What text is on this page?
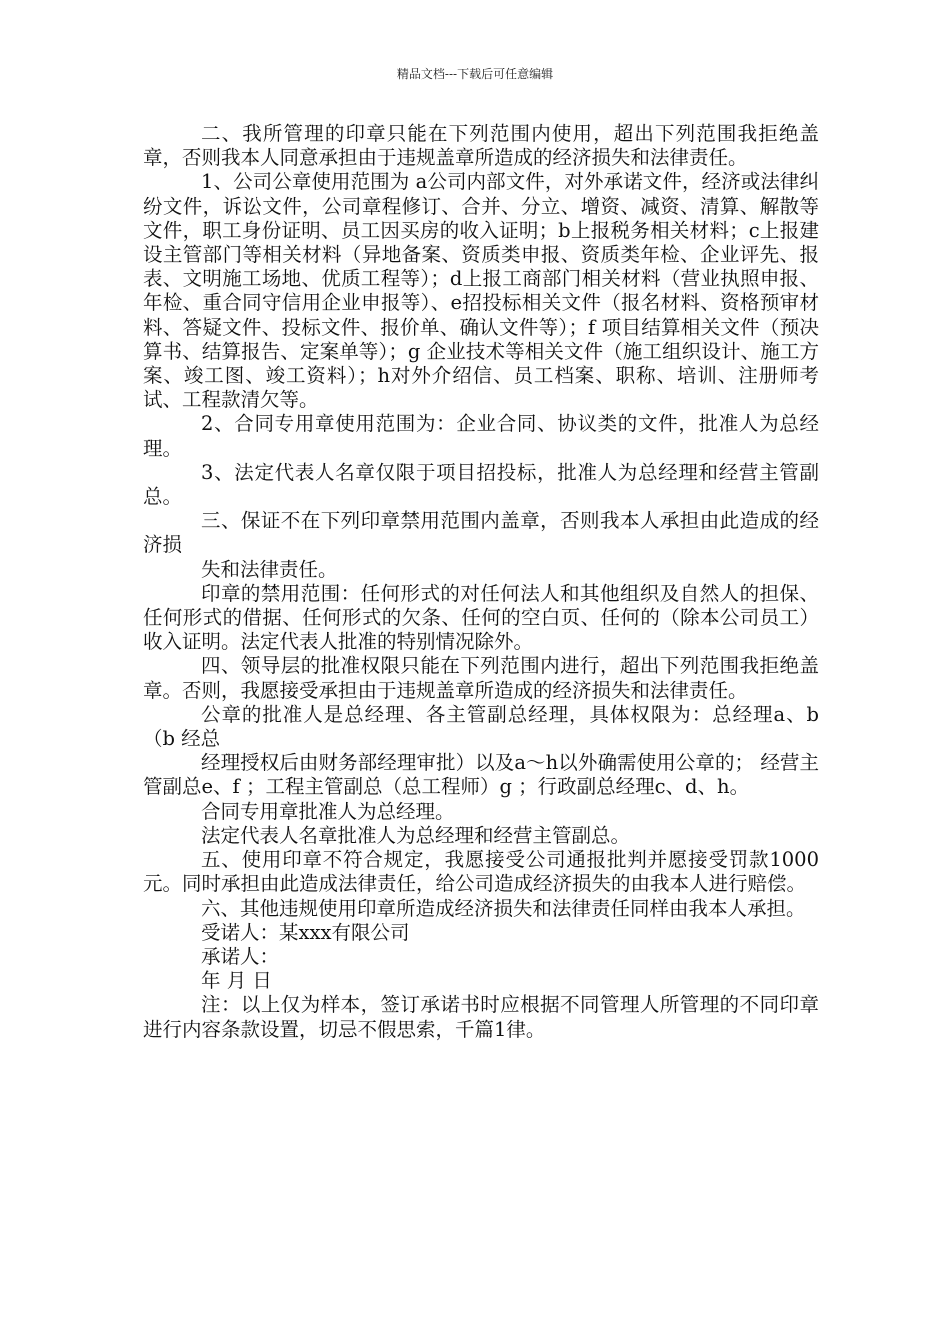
精品文档---下载后可任意编辑

二、我所管理的印章只能在下列范围内使用，超出下列范围我拒绝盖章，否则我本人同意承担由于违规盖章所造成的经济损失和法律责任。

1、公司公章使用范围为 a公司内部文件，对外承诺文件，经济或法律纠纷文件，诉讼文件，公司章程修订、合并、分立、增资、减资、清算、解散等文件，职工身份证明、员工因买房的收入证明；b上报税务相关材料；c上报建设主管部门等相关材料（异地备案、资质类申报、资质类年检、企业评先、报表、文明施工场地、优质工程等）；d上报工商部门相关材料（营业执照申报、年检、重合同守信用企业申报等）、e招投标相关文件（报名材料、资格预审材料、答疑文件、投标文件、报价单、确认文件等）；f 项目结算相关文件（预决算书、结算报告、定案单等）；g 企业技术等相关文件（施工组织设计、施工方案、竣工图、竣工资料）；h对外介绍信、员工档案、职称、培训、注册师考试、工程款清欠等。

2、合同专用章使用范围为：企业合同、协议类的文件，批准人为总经理。

3、法定代表人名章仅限于项目招投标，批准人为总经理和经营主管副总。

三、保证不在下列印章禁用范围内盖章，否则我本人承担由此造成的经济损

失和法律责任。

印章的禁用范围：任何形式的对任何法人和其他组织及自然人的担保、任何形式的借据、任何形式的欠条、任何的空白页、任何的（除本公司员工）收入证明。法定代表人批准的特别情况除外。

四、领导层的批准权限只能在下列范围内进行，超出下列范围我拒绝盖章。否则，我愿接受承担由于违规盖章所造成的经济损失和法律责任。

公章的批准人是总经理、各主管副总经理，具体权限为：总经理a、b（b 经总

经理授权后由财务部经理审批）以及a～h以外确需使用公章的； 经营主管副总e、f ；工程主管副总（总工程师）g ；行政副总经理c、d、h。

合同专用章批准人为总经理。

法定代表人名章批准人为总经理和经营主管副总。

五、使用印章不符合规定，我愿接受公司通报批判并愿接受罚款1000元。同时承担由此造成法律责任，给公司造成经济损失的由我本人进行赔偿。

六、其他违规使用印章所造成经济损失和法律责任同样由我本人承担。

受诺人：某xxx有限公司

承诺人：

年 月 日

注：以上仅为样本，签订承诺书时应根据不同管理人所管理的不同印章进行内容条款设置，切忌不假思索，千篇1律。
